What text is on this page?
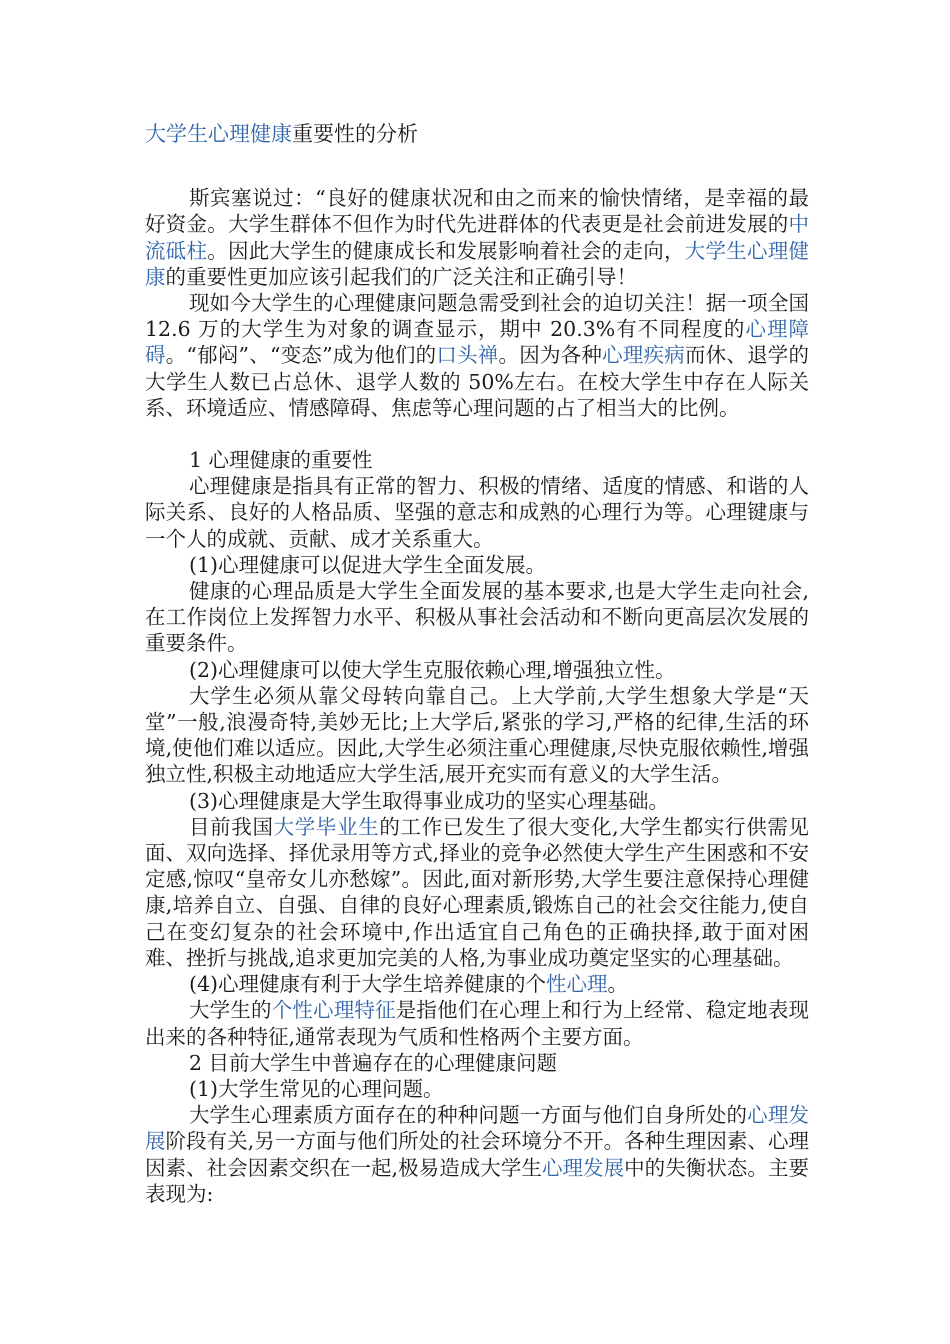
大学生心理健康重要性的分析

斯宾塞说过：“良好的健康状况和由之而来的愉快情绪，是幸福的最好资金。大学生群体不但作为时代先进群体的代表更是社会前进发展的中流砥柱。因此大学生的健康成长和发展影响着社会的走向，大学生心理健康的重要性更加应该引起我们的广泛关注和正确引导！

现如今大学生的心理健康问题急需受到社会的迫切关注！据一项全国 12.6 万的大学生为对象的调查显示，期中 20.3%有不同程度的心理障碍。“郁闷”、“变态”成为他们的口头禅。因为各种心理疾病而休、退学的大学生人数已占总休、退学人数的 50%左右。在校大学生中存在人际关系、环境适应、情感障碍、焦虑等心理问题的占了相当大的比例。

1 心理健康的重要性

心理健康是指具有正常的智力、积极的情绪、适度的情感、和谐的人际关系、良好的人格品质、坚强的意志和成熟的心理行为等。心理键康与一个人的成就、贡献、成才关系重大。

(1)心理健康可以促进大学生全面发展。

健康的心理品质是大学生全面发展的基本要求,也是大学生走向社会,在工作岗位上发挥智力水平、积极从事社会活动和不断向更高层次发展的重要条件。

(2)心理健康可以使大学生克服依赖心理,增强独立性。

大学生必须从靠父母转向靠自己。上大学前,大学生想象大学是“天堂”一般,浪漫奇特,美妙无比;上大学后,紧张的学习,严格的纪律,生活的环境,使他们难以适应。因此,大学生必须注重心理健康,尽快克服依赖性,增强独立性,积极主动地适应大学生活,展开充实而有意义的大学生活。

(3)心理健康是大学生取得事业成功的坚实心理基础。

目前我国大学毕业生的工作已发生了很大变化,大学生都实行供需见面、双向选择、择优录用等方式,择业的竞争必然使大学生产生困惑和不安定感,惊叹“皇帝女儿亦愁嫁”。因此,面对新形势,大学生要注意保持心理健康,培养自立、自强、自律的良好心理素质,锻炼自己的社会交往能力,使自己在变幻复杂的社会环境中,作出适宜自己角色的正确抉择,敢于面对困难、挫折与挑战,追求更加完美的人格,为事业成功奠定坚实的心理基础。

(4)心理健康有利于大学生培养健康的个性心理。

大学生的个性心理特征是指他们在心理上和行为上经常、稳定地表现出来的各种特征,通常表现为气质和性格两个主要方面。

2 目前大学生中普遍存在的心理健康问题

(1)大学生常见的心理问题。

大学生心理素质方面存在的种种问题一方面与他们自身所处的心理发展阶段有关,另一方面与他们所处的社会环境分不开。各种生理因素、心理因素、社会因素交织在一起,极易造成大学生心理发展中的失衡状态。主要表现为:
